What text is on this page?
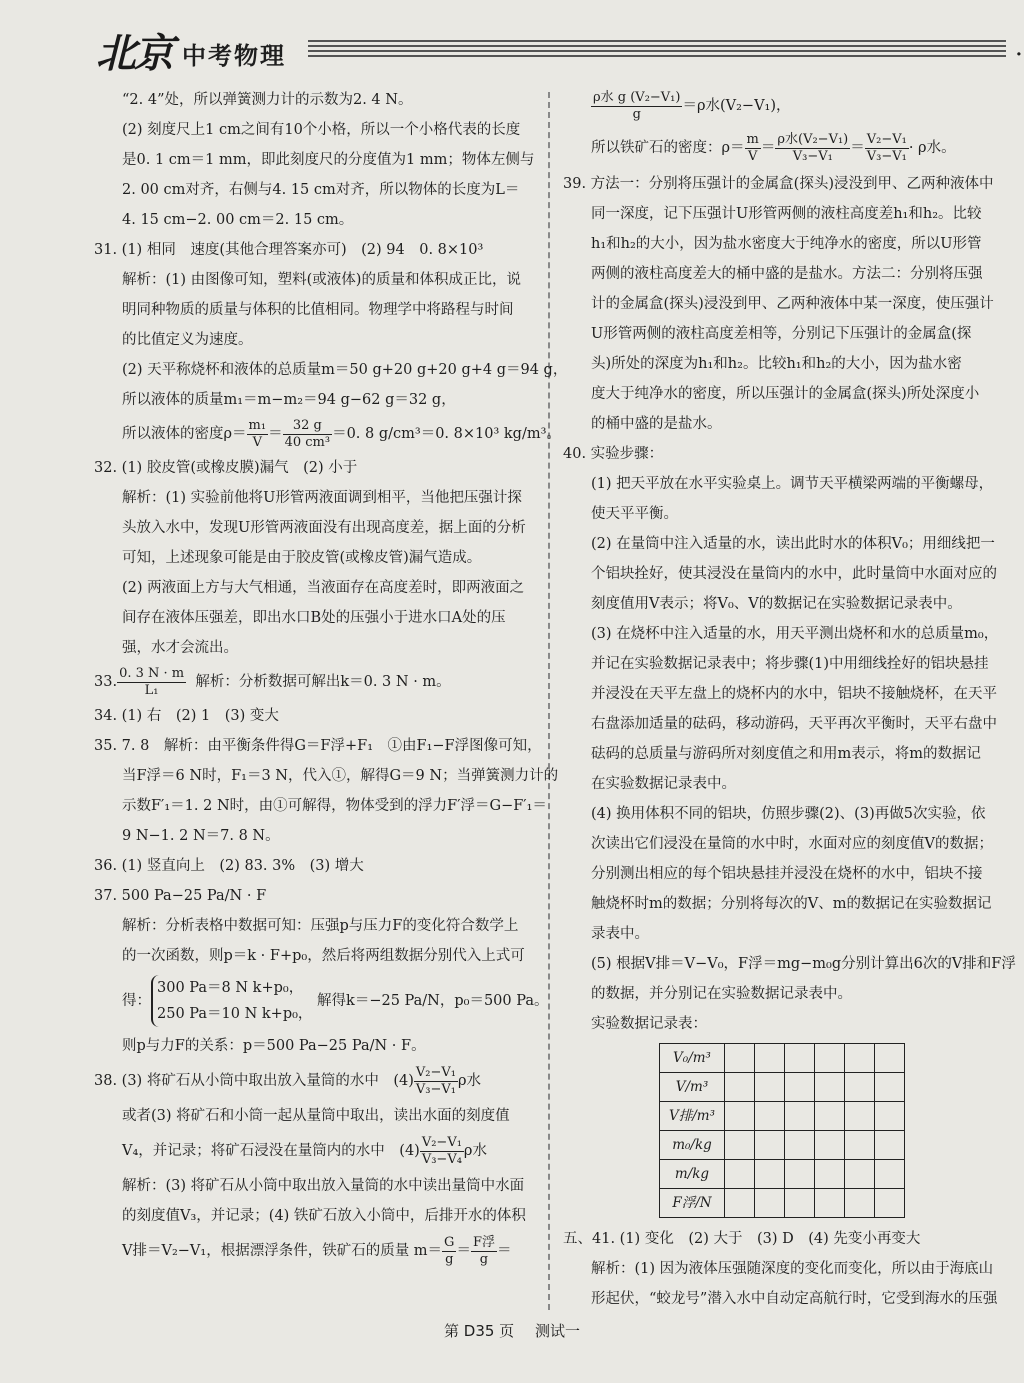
北京 中考物理	·

“2. 4”处，所以弹簧测力计的示数为2. 4 N。

(2) 刻度尺上1 cm之间有10个小格，所以一个小格代表的长度

是0. 1 cm＝1 mm，即此刻度尺的分度值为1 mm；物体左侧与

2. 00 cm对齐，右侧与4. 15 cm对齐，所以物体的长度为L＝

4. 15 cm−2. 00 cm＝2. 15 cm。

31. (1) 相同　速度(其他合理答案亦可)　(2) 94　0. 8×10³

解析：(1) 由图像可知，塑料(或液体)的质量和体积成正比，说

明同种物质的质量与体积的比值相同。物理学中将路程与时间

的比值定义为速度。

(2) 天平称烧杯和液体的总质量m＝50 g+20 g+20 g+4 g＝94 g，

所以液体的质量m₁＝m−m₂＝94 g−62 g＝32 g，

所以液体的密度$\rho= \frac{\text{m₁}}{V} = \frac{32 g}{\text{40 cm³}} =0$. 8 g/cm³＝0. 8×10³ kg/m³。

32. (1) 胶皮管(或橡皮膜)漏气　(2) 小于

解析：(1) 实验前他将U形管两液面调到相平，当他把压强计探

头放入水中，发现U形管两液面没有出现高度差，据上面的分析

可知，上述现象可能是由于胶皮管(或橡皮管)漏气造成。

(2) 两液面上方与大气相通，当液面存在高度差时，即两液面之

间存在液体压强差，即出水口B处的压强小于进水口A处的压

强，水才会流出。

33. $\frac{0. 3 N \cdot m}{\text{L₁}}$ 解析：分析数据可解出k＝0. 3 N · m。

34. (1) 右　(2) 1　(3) 变大

35. 7. 8　解析：由平衡条件得G＝F浮+F₁　①由F₁−F浮图像可知，

当F浮＝6 N时，F₁＝3 N，代入①，解得G＝9 N；当弹簧测力计的

示数F′₁＝1. 2 N时，由①可解得，物体受到的浮力F′浮＝G−F′₁＝

9 N−1. 2 N＝7. 8 N。

36. (1) 竖直向上　(2) 83. 3%　(3) 增大

37. 500 Pa−25 Pa/N · F

解析：分析表格中数据可知：压强p与压力F的变化符合数学上

的一次函数，则p＝k · F+p₀，然后将两组数据分别代入上式可

得：
300 Pa＝8 N k+p₀，
250 Pa＝10 N k+p₀，
解得k＝−25 Pa/N，p₀＝500 Pa。

则p与力F的关系：p＝500 Pa−25 Pa/N · F。

38. (3) 将矿石从小筒中取出放入量筒的水中　$(4) \frac{\text{V₂−V₁}}{\text{V₃−V₁}}$ ρ水

或者(3) 将矿石和小筒一起从量筒中取出，读出水面的刻度值

V₄，并记录；将矿石浸没在量筒内的水中　$(4) \frac{\text{V₂−V₁}}{\text{V₃−V₄}}$ ρ水

解析：(3) 将矿石从小筒中取出放入量筒的水中读出量筒中水面

的刻度值V₃，并记录；(4) 铁矿石放入小筒中，后排开水的体积

V排＝V₂−V₁，根据漂浮条件，铁矿石的质量 $m= \frac{G}{g} = \frac{\text{F浮}}{g}$ ＝

$\frac{\text{ρ水 g (V₂−V₁)}}{g} =\rho$水(V₂−V₁)，

所以铁矿石的密度：$\rho= \frac{m}{V} = \frac{\text{ρ水(V₂−V₁)}}{\text{V₃−V₁}} = \frac{\text{V₂−V₁}}{\text{V₃−V₁}} \cdot \rho$水。

39. 方法一：分别将压强计的金属盒(探头)浸没到甲、乙两种液体中

同一深度，记下压强计U形管两侧的液柱高度差h₁和h₂。比较

h₁和h₂的大小，因为盐水密度大于纯净水的密度，所以U形管

两侧的液柱高度差大的桶中盛的是盐水。方法二：分别将压强

计的金属盒(探头)浸没到甲、乙两种液体中某一深度，使压强计

U形管两侧的液柱高度差相等，分别记下压强计的金属盒(探

头)所处的深度为h₁和h₂。比较h₁和h₂的大小，因为盐水密

度大于纯净水的密度，所以压强计的金属盒(探头)所处深度小

的桶中盛的是盐水。

40. 实验步骤：

(1) 把天平放在水平实验桌上。调节天平横梁两端的平衡螺母，

使天平平衡。

(2) 在量筒中注入适量的水，读出此时水的体积V₀；用细线把一

个铝块拴好，使其浸没在量筒内的水中，此时量筒中水面对应的

刻度值用V表示；将V₀、V的数据记在实验数据记录表中。

(3) 在烧杯中注入适量的水，用天平测出烧杯和水的总质量m₀，

并记在实验数据记录表中；将步骤(1)中用细线拴好的铝块悬挂

并浸没在天平左盘上的烧杯内的水中，铝块不接触烧杯，在天平

右盘添加适量的砝码，移动游码，天平再次平衡时，天平右盘中

砝码的总质量与游码所对刻度值之和用m表示，将m的数据记

在实验数据记录表中。

(4) 换用体积不同的铝块，仿照步骤(2)、(3)再做5次实验，依

次读出它们浸没在量筒的水中时，水面对应的刻度值V的数据；

分别测出相应的每个铝块悬挂并浸没在烧杯的水中，铝块不接

触烧杯时m的数据；分别将每次的V、m的数据记在实验数据记

录表中。

(5) 根据V排＝V−V₀，F浮＝mg−m₀g分别计算出6次的V排和F浮

的数据，并分别记在实验数据记录表中。

实验数据记录表：

V₀/m³						
V/m³						
V排/m³						
m₀/kg						
m/kg						
F浮/N						

五、41. (1) 变化　(2) 大于　(3) D　(4) 先变小再变大

解析：(1) 因为液体压强随深度的变化而变化，所以由于海底山

形起伏，“蛟龙号”潜入水中自动定高航行时，它受到海水的压强

第 D35 页 测试一
